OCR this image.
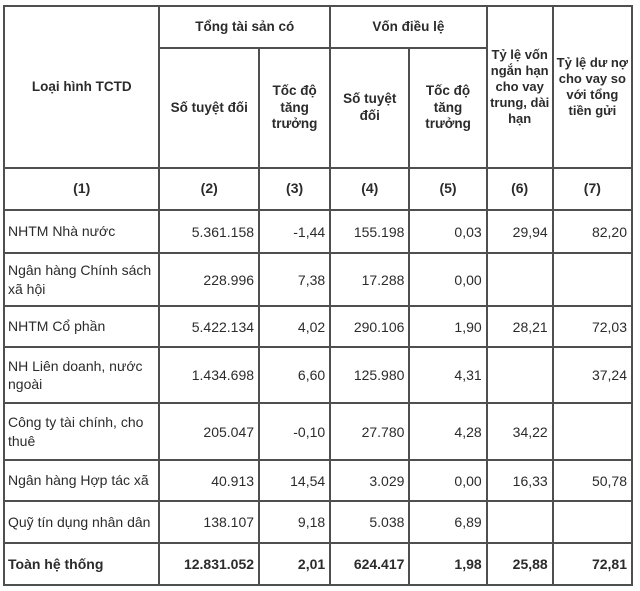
Loại hình TCTD	Tổng tài sản có		Vốn điều lệ		Tỷ lệ vốn ngắn hạn cho vay trung, dài hạn	Tỷ lệ dư nợ cho vay so với tổng tiền gửi
	Số tuyệt đối	Tốc độ tăng trưởng	Số tuyệt đối	Tốc độ tăng trưởng		
(1)	(2)	(3)	(4)	(5)	(6)	(7)
NHTM Nhà nước	5.361.158	-1,44	155.198	0,03	29,94	82,20
Ngân hàng Chính sách xã hội	228.996	7,38	17.288	0,00		
NHTM Cổ phần	5.422.134	4,02	290.106	1,90	28,21	72,03
NH Liên doanh, nước ngoài	1.434.698	6,60	125.980	4,31		37,24
Công ty tài chính, cho thuê	205.047	-0,10	27.780	4,28	34,22	
Ngân hàng Hợp tác xã	40.913	14,54	3.029	0,00	16,33	50,78
Quỹ tín dụng nhân dân	138.107	9,18	5.038	6,89		
Toàn hệ thống	12.831.052	2,01	624.417	1,98	25,88	72,81
